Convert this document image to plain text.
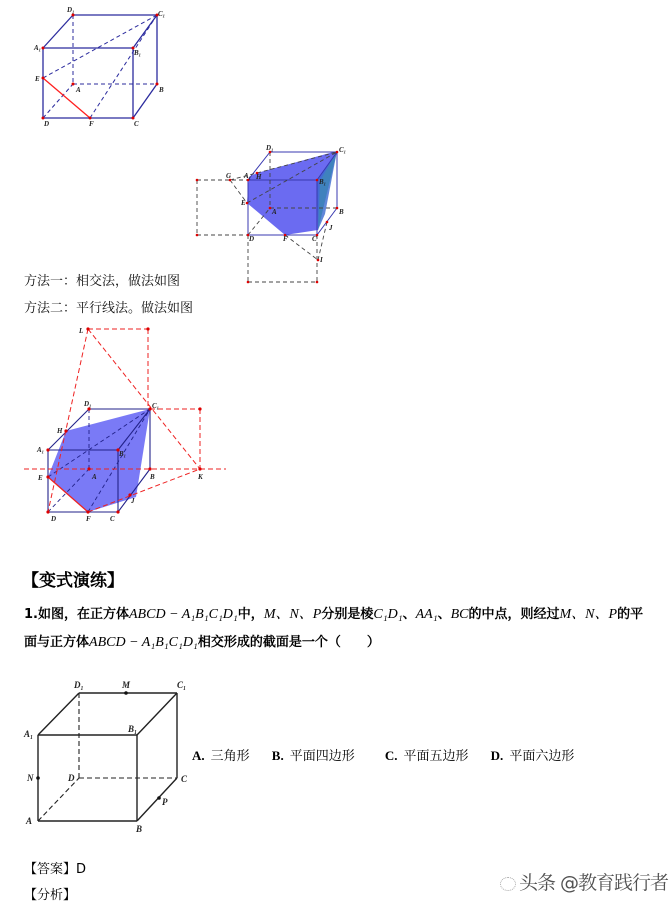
D₁	C₁
A₁
B₁
E
A	B
D	F	C
D₁	C₁
G A₁ H
B₁
E
A	B
D	F	C
J
I
方法一：相交法，做法如图
方法二：平行线法。做法如图
L
D₁	C₁
H
A₁	B₁
E	A	B	K
J
D	F	C
【变式演练】
1.如图，在正方体ABCD − A₁B₁C₁D₁中，M、N、P分别是棱C₁D₁、AA₁、BC的中点，则经过M、N、P的平
面与正方体ABCD − A₁B₁C₁D₁相交形成的截面是一个（　　）
D₁	M	C₁
A₁	B₁
N	D	C
P
A
B
A. 三角形 B. 平面四边形 C. 平面五边形 D. 平面六边形
【答案】D
【分析】
头条 @教育践行者
